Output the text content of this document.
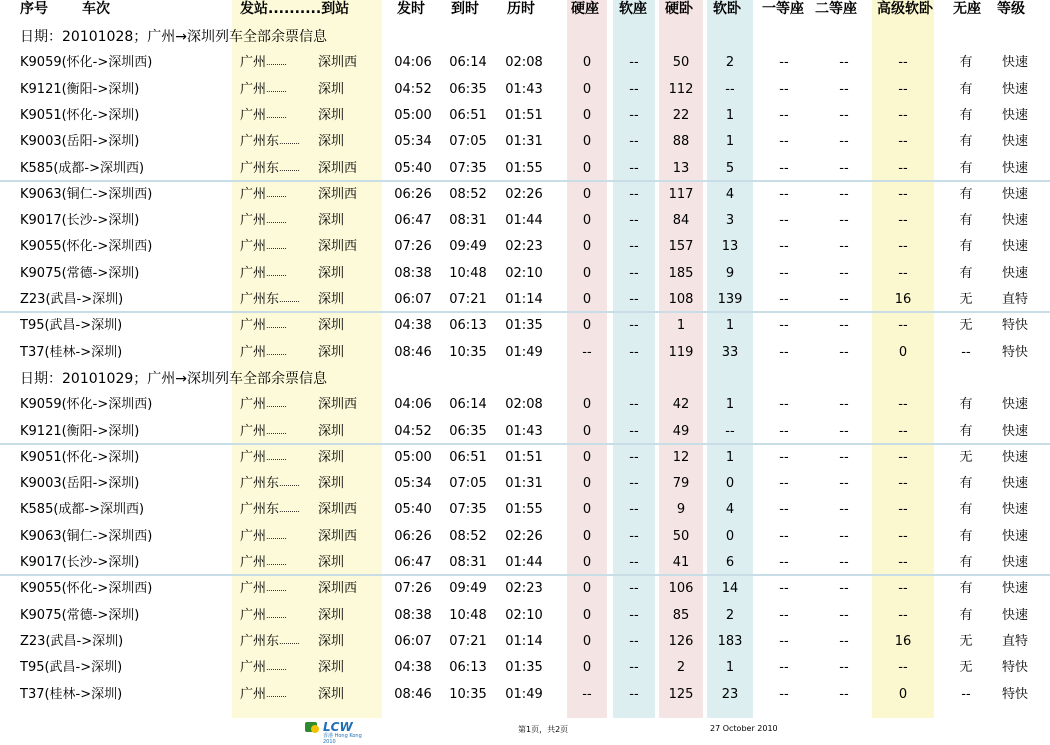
序号 车次	发站..........到站	发时 到时 历时	硬座 软座 硬卧 软卧 一等座 二等座 高级软卧 无座 等级
日期：20101028；广州→深圳列车全部余票信息
K9059(怀化->深圳西)	广州 .......... 深圳西	04:06 06:14 02:08	0	--	50	2	--	--	--	有	快速
K9121(衡阳->深圳)	广州 .......... 深圳	04:52 06:35 01:43	0	--	112	--	--	--	--	有	快速
K9051(怀化->深圳)	广州 .......... 深圳	05:00 06:51 01:51	0	--	22	1	--	--	--	有	快速
K9003(岳阳->深圳)	广州东 .......... 深圳	05:34 07:05 01:31	0	--	88	1	--	--	--	有	快速
K585(成都->深圳西)	广州东 .......... 深圳西	05:40 07:35 01:55	0	--	13	5	--	--	--	有	快速
K9063(铜仁->深圳西)	广州 .......... 深圳西	06:26 08:52 02:26	0	--	117	4	--	--	--	有	快速
K9017(长沙->深圳)	广州 .......... 深圳	06:47 08:31 01:44	0	--	84	3	--	--	--	有	快速
K9055(怀化->深圳西)	广州 .......... 深圳西	07:26 09:49 02:23	0	--	157	13	--	--	--	有	快速
K9075(常德->深圳)	广州 .......... 深圳	08:38 10:48 02:10	0	--	185	9	--	--	--	有	快速
Z23(武昌->深圳)	广州东 .......... 深圳	06:07 07:21 01:14	0	--	108	139	--	--	16	无	直特
T95(武昌->深圳)	广州 .......... 深圳	04:38 06:13 01:35	0	--	1	1	--	--	--	无	特快
T37(桂林->深圳)	广州 .......... 深圳	08:46 10:35 01:49	--	--	119	33	--	--	0	--	特快
日期：20101029；广州→深圳列车全部余票信息
K9059(怀化->深圳西)	广州 .......... 深圳西	04:06 06:14 02:08	0	--	42	1	--	--	--	有	快速
K9121(衡阳->深圳)	广州 .......... 深圳	04:52 06:35 01:43	0	--	49	--	--	--	--	有	快速
K9051(怀化->深圳)	广州 .......... 深圳	05:00 06:51 01:51	0	--	12	1	--	--	--	无	快速
K9003(岳阳->深圳)	广州东 .......... 深圳	05:34 07:05 01:31	0	--	79	0	--	--	--	有	快速
K585(成都->深圳西)	广州东 .......... 深圳西	05:40 07:35 01:55	0	--	9	4	--	--	--	有	快速
K9063(铜仁->深圳西)	广州 .......... 深圳西	06:26 08:52 02:26	0	--	50	0	--	--	--	有	快速
K9017(长沙->深圳)	广州 .......... 深圳	06:47 08:31 01:44	0	--	41	6	--	--	--	有	快速
K9055(怀化->深圳西)	广州 .......... 深圳西	07:26 09:49 02:23	0	--	106	14	--	--	--	有	快速
K9075(常德->深圳)	广州 .......... 深圳	08:38 10:48 02:10	0	--	85	2	--	--	--	有	快速
Z23(武昌->深圳)	广州东 .......... 深圳	06:07 07:21 01:14	0	--	126	183	--	--	16	无	直特
T95(武昌->深圳)	广州 .......... 深圳	04:38 06:13 01:35	0	--	2	1	--	--	--	无	特快
T37(桂林->深圳)	广州 .......... 深圳	08:46 10:35 01:49	--	--	125	23	--	--	0	--	特快
LCW
香港 Hong Kong 2010
第1页，共2页	27 October 2010
